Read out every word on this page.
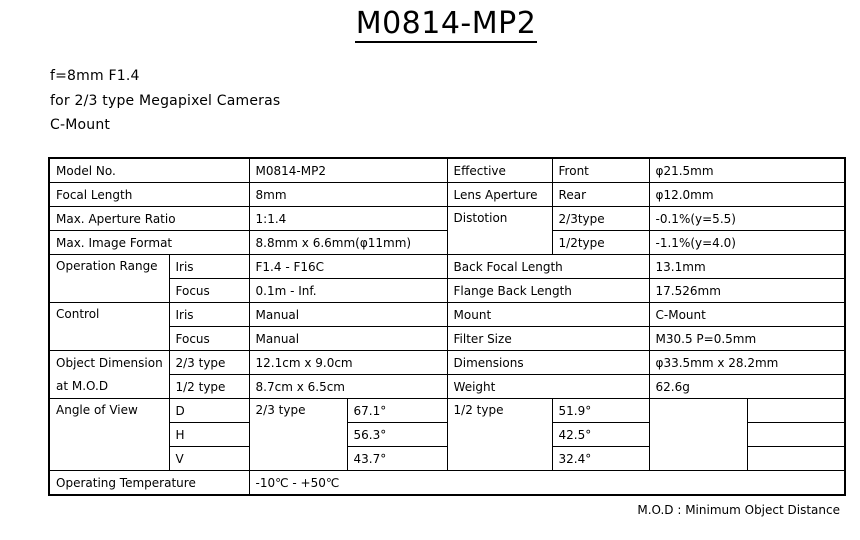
M0814-MP2
f=8mm F1.4
for 2/3 type Megapixel Cameras
C-Mount
Model No.		M0814-MP2		Effective	Front	φ21.5mm	
Focal Length		8mm		Lens Aperture	Rear	φ12.0mm	
Max. Aperture Ratio		1:1.4		Distotion	2/3type	-0.1%(y=5.5)	
Max. Image Format		8.8mm x 6.6mm(φ11mm)			1/2type	-1.1%(y=4.0)	
Operation Range	Iris	F1.4 - F16C		Back Focal Length		13.1mm	
	Focus	0.1m - Inf.		Flange Back Length		17.526mm	
Control	Iris	Manual		Mount		C-Mount	
	Focus	Manual		Filter Size		M30.5 P=0.5mm	
Object Dimension	2/3 type	12.1cm x 9.0cm		Dimensions		φ33.5mm x 28.2mm	
at M.O.D	1/2 type	8.7cm x 6.5cm		Weight		62.6g	
Angle of View	D	2/3 type	67.1°	1/2 type	51.9°		
	H		56.3°		42.5°		
	V		43.7°		32.4°		
Operating Temperature		-10℃ - +50℃					
M.O.D : Minimum Object Distance
